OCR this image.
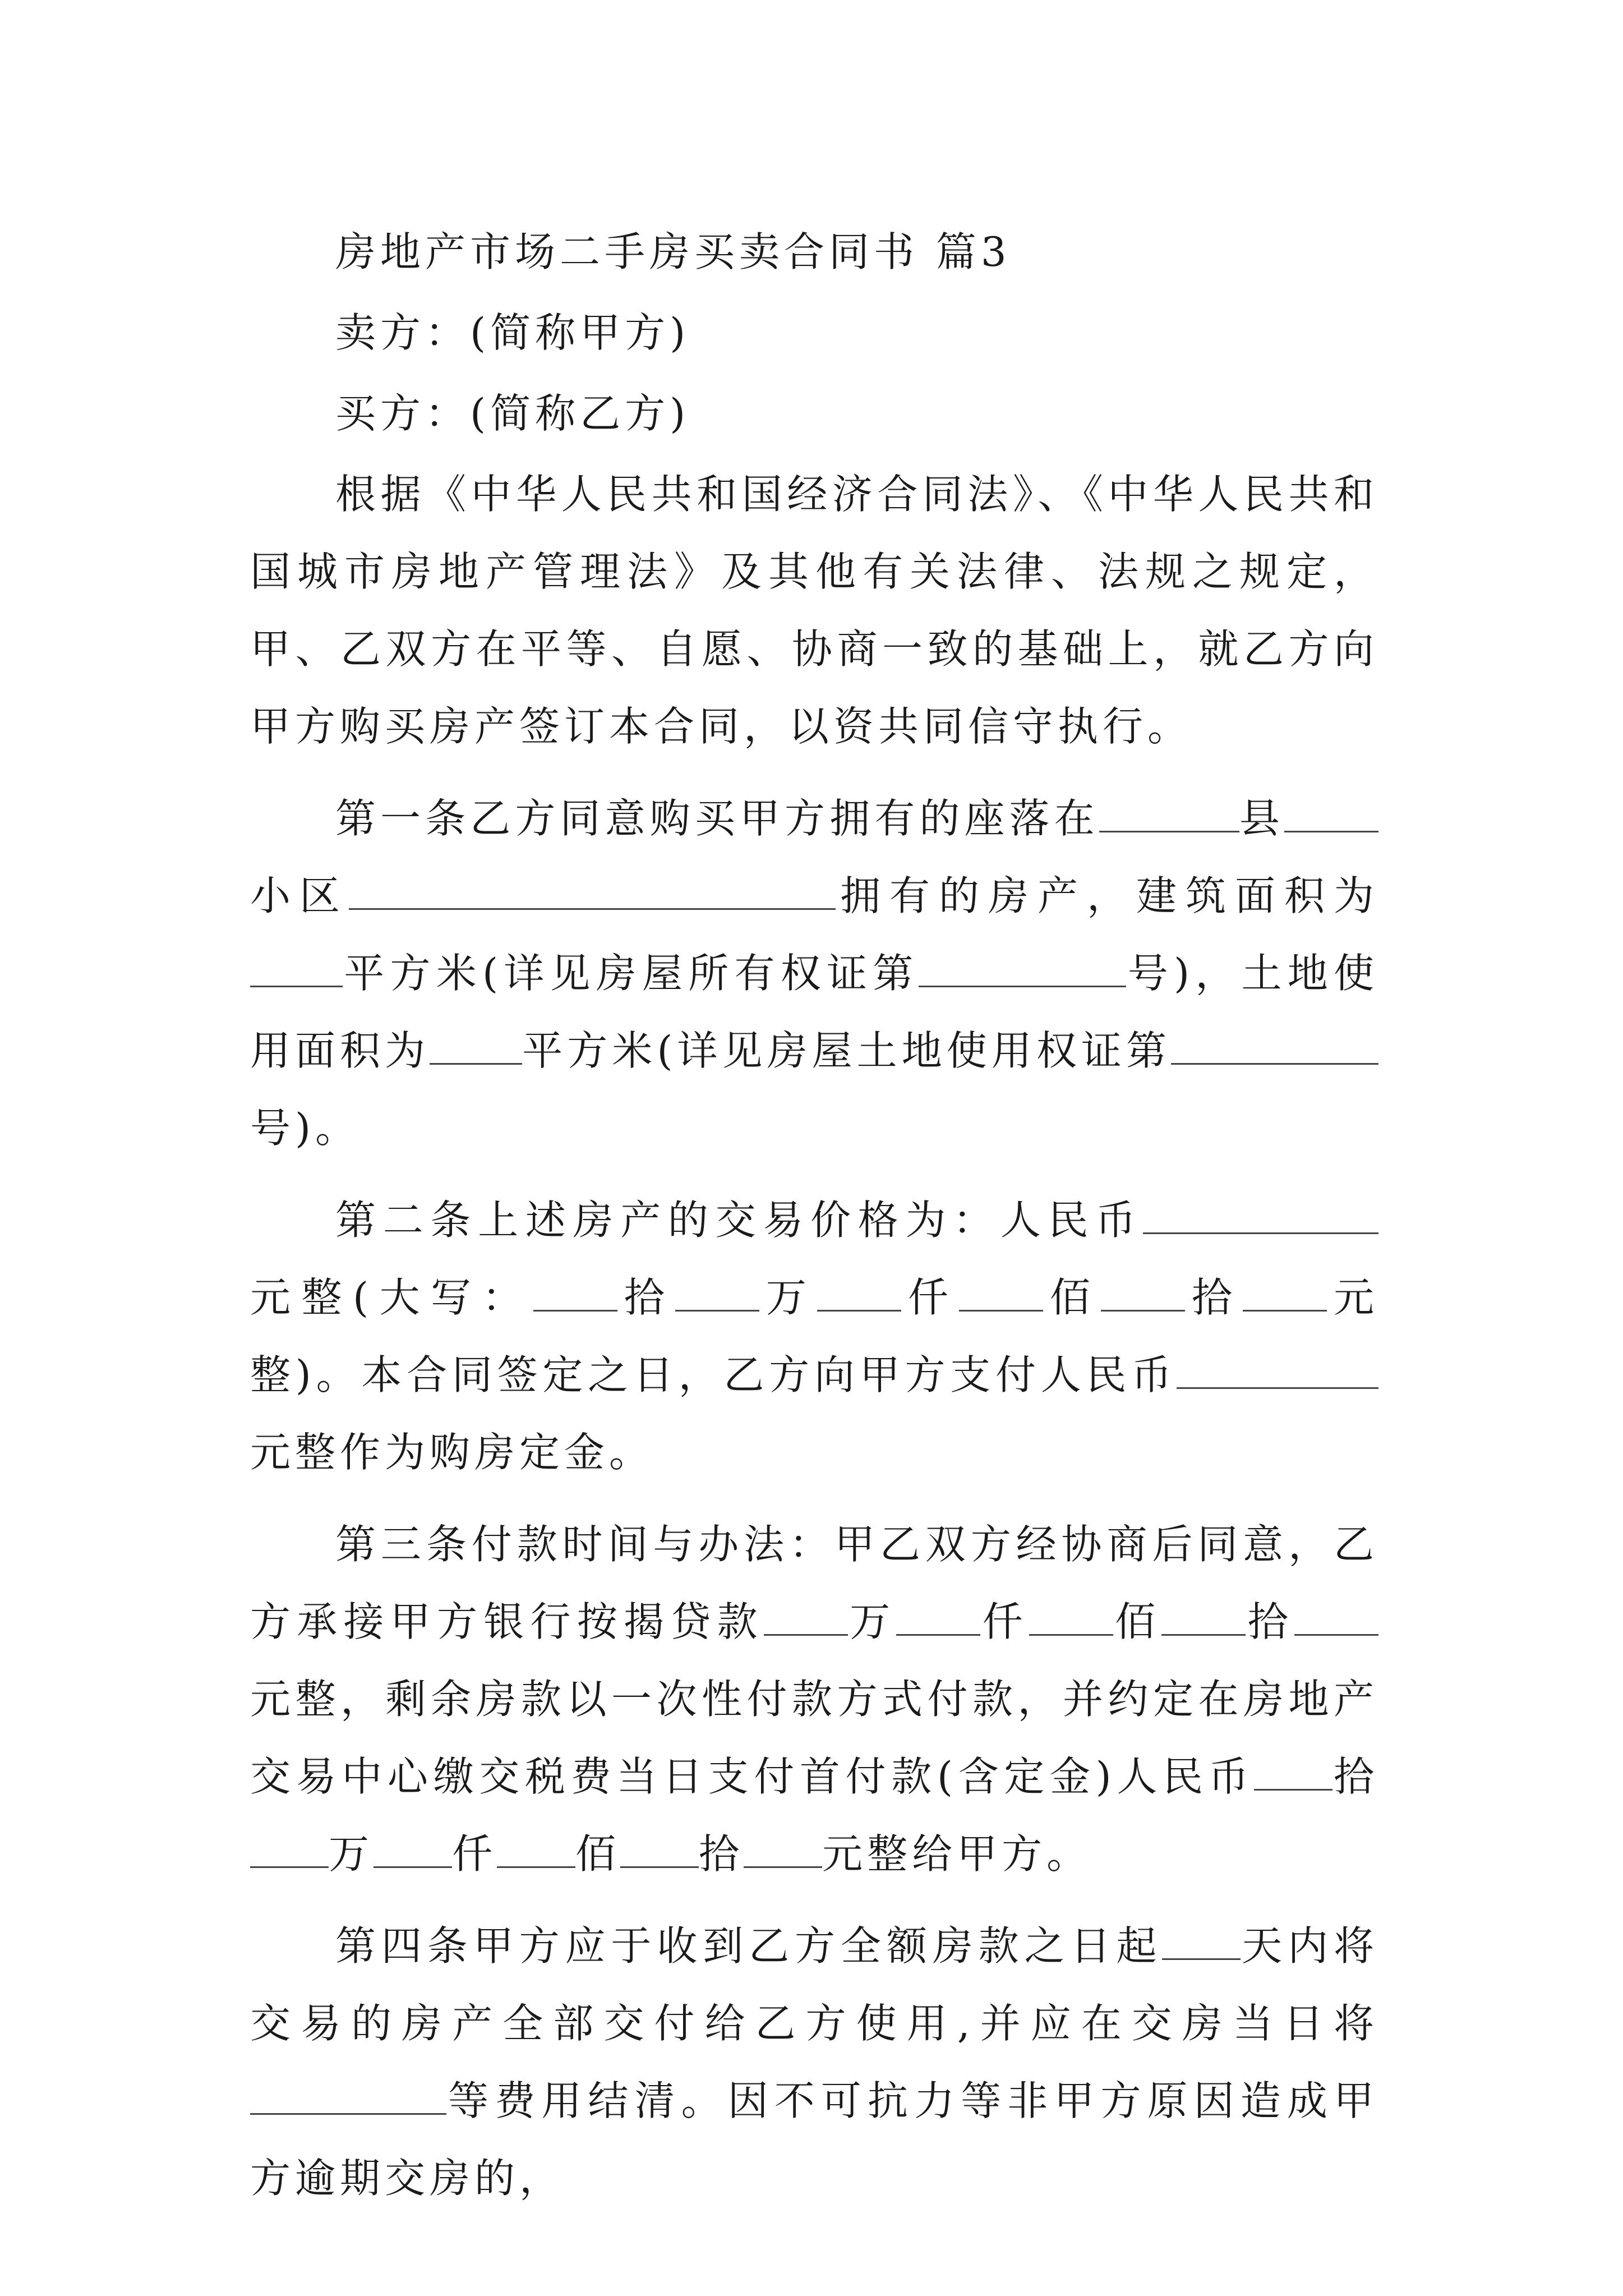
房地产市场二手房买卖合同书 篇3

卖方：(简称甲方)

买方：(简称乙方)

根据《中华人民共和国经济合同法》、《中华人民共和国城市房地产管理法》及其他有关法律、法规之规定，甲、乙双方在平等、自愿、协商一致的基础上，就乙方向甲方购买房产签订本合同，以资共同信守执行。

第一条乙方同意购买甲方拥有的座落在	县小区	拥有的房产，建筑面积为平方米(详见房屋所有权证第	号)，土地使用面积为 平方米(详见房屋土地使用权证第号)。

第二条上述房产的交易价格为：人民币元整(大写： 拾 万 仟 佰 拾 元整)。本合同签定之日，乙方向甲方支付人民币元整作为购房定金。

第三条付款时间与办法：甲乙双方经协商后同意，乙方承接甲方银行按揭贷款 万 仟 佰 拾元整，剩余房款以一次性付款方式付款，并约定在房地产交易中心缴交税费当日支付首付款(含定金)人民币 拾万 仟 佰 拾 元整给甲方。

第四条甲方应于收到乙方全额房款之日起 天内将交易的房产全部交付给乙方使用,并应在交房当日将等费用结清。因不可抗力等非甲方原因造成甲方逾期交房的，
